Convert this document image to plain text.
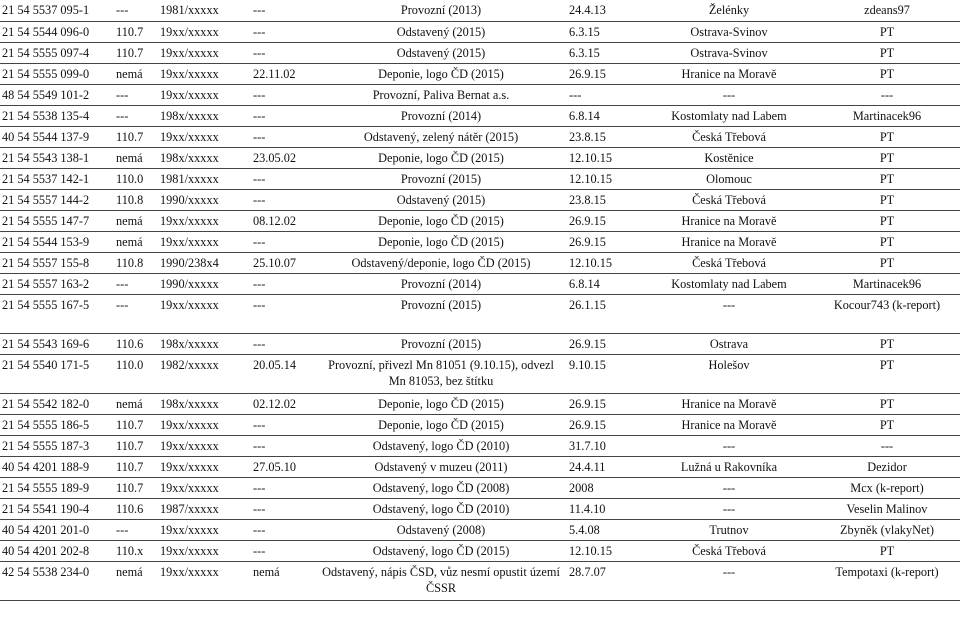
21 54 5537 095-1	---	1981/xxxxx	---	Provozní (2013)	24.4.13	Želénky	zdeans97
21 54 5544 096-0	110.7	19xx/xxxxx	---	Odstavený (2015)	6.3.15	Ostrava-Svinov	PT
21 54 5555 097-4	110.7	19xx/xxxxx	---	Odstavený (2015)	6.3.15	Ostrava-Svinov	PT
21 54 5555 099-0	nemá	19xx/xxxxx	22.11.02	Deponie, logo ČD (2015)	26.9.15	Hranice na Moravě	PT
48 54 5549 101-2	---	19xx/xxxxx	---	Provozní, Paliva Bernat a.s.	---	---	---
21 54 5538 135-4	---	198x/xxxxx	---	Provozní (2014)	6.8.14	Kostomlaty nad Labem	Martinacek96
40 54 5544 137-9	110.7	19xx/xxxxx	---	Odstavený, zelený nátěr (2015)	23.8.15	Česká Třebová	PT
21 54 5543 138-1	nemá	198x/xxxxx	23.05.02	Deponie, logo ČD (2015)	12.10.15	Kostěnice	PT
21 54 5537 142-1	110.0	1981/xxxxx	---	Provozní (2015)	12.10.15	Olomouc	PT
21 54 5557 144-2	110.8	1990/xxxxx	---	Odstavený (2015)	23.8.15	Česká Třebová	PT
21 54 5555 147-7	nemá	19xx/xxxxx	08.12.02	Deponie, logo ČD (2015)	26.9.15	Hranice na Moravě	PT
21 54 5544 153-9	nemá	19xx/xxxxx	---	Deponie, logo ČD (2015)	26.9.15	Hranice na Moravě	PT
21 54 5557 155-8	110.8	1990/238x4	25.10.07	Odstavený/deponie, logo ČD (2015)	12.10.15	Česká Třebová	PT
21 54 5557 163-2	---	1990/xxxxx	---	Provozní (2014)	6.8.14	Kostomlaty nad Labem	Martinacek96
21 54 5555 167-5	---	19xx/xxxxx	---	Provozní (2015)	26.1.15	---	Kocour743 (k-report)
21 54 5543 169-6	110.6	198x/xxxxx	---	Provozní (2015)	26.9.15	Ostrava	PT
21 54 5540 171-5	110.0	1982/xxxxx	20.05.14	Provozní, přivezl Mn 81051 (9.10.15), odvezl Mn 81053, bez štítku	9.10.15	Holešov	PT
21 54 5542 182-0	nemá	198x/xxxxx	02.12.02	Deponie, logo ČD (2015)	26.9.15	Hranice na Moravě	PT
21 54 5555 186-5	110.7	19xx/xxxxx	---	Deponie, logo ČD (2015)	26.9.15	Hranice na Moravě	PT
21 54 5555 187-3	110.7	19xx/xxxxx	---	Odstavený, logo ČD (2010)	31.7.10	---	---
40 54 4201 188-9	110.7	19xx/xxxxx	27.05.10	Odstavený v muzeu (2011)	24.4.11	Lužná u Rakovníka	Dezidor
21 54 5555 189-9	110.7	19xx/xxxxx	---	Odstavený, logo ČD (2008)	2008	---	Mcx (k-report)
21 54 5541 190-4	110.6	1987/xxxxx	---	Odstavený, logo ČD (2010)	11.4.10	---	Veselin Malinov
40 54 4201 201-0	---	19xx/xxxxx	---	Odstavený (2008)	5.4.08	Trutnov	Zbyněk (vlakyNet)
40 54 4201 202-8	110.x	19xx/xxxxx	---	Odstavený, logo ČD (2015)	12.10.15	Česká Třebová	PT
42 54 5538 234-0	nemá	19xx/xxxxx	nemá	Odstavený, nápis ČSD, vůz nesmí opustit území ČSSR	28.7.07	---	Tempotaxi (k-report)
